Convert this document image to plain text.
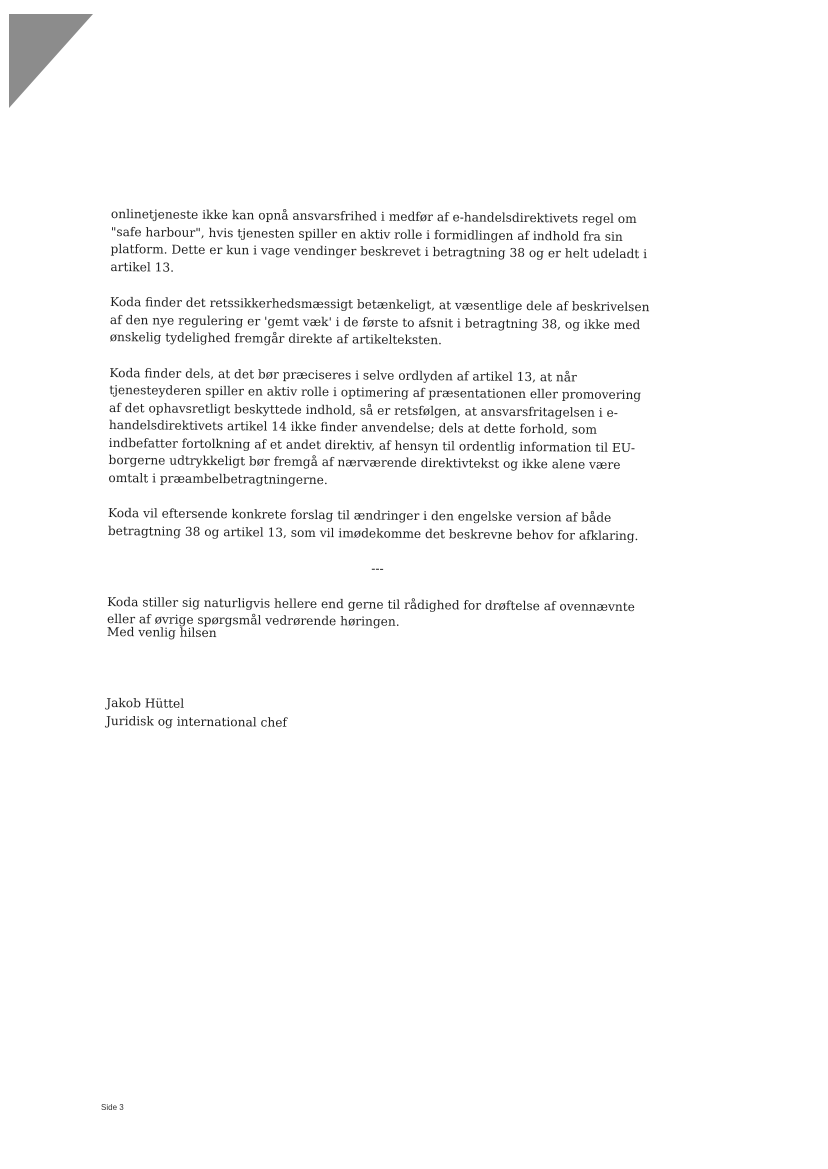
onlinetjeneste ikke kan opnå ansvarsfrihed i medfør af e-handelsdirektivets regel om "safe harbour", hvis tjenesten spiller en aktiv rolle i formidlingen af indhold fra sin platform. Dette er kun i vage vendinger beskrevet i betragtning 38 og er helt udeladt i artikel 13.

Koda finder det retssikkerhedsmæssigt betænkeligt, at væsentlige dele af beskrivelsen af den nye regulering er 'gemt væk' i de første to afsnit i betragtning 38, og ikke med ønskelig tydelighed fremgår direkte af artikelteksten.

Koda finder dels, at det bør præciseres i selve ordlyden af artikel 13, at når tjenesteyderen spiller en aktiv rolle i optimering af præsentationen eller promovering af det ophavsretligt beskyttede indhold, så er retsfølgen, at ansvarsfritagelsen i e-handelsdirektivets artikel 14 ikke finder anvendelse; dels at dette forhold, som indbefatter fortolkning af et andet direktiv, af hensyn til ordentlig information til EU-borgerne udtrykkeligt bør fremgå af nærværende direktivtekst og ikke alene være omtalt i præambelbetragtningerne.

Koda vil eftersende konkrete forslag til ændringer i den engelske version af både betragtning 38 og artikel 13, som vil imødekomme det beskrevne behov for afklaring.

---

Koda stiller sig naturligvis hellere end gerne til rådighed for drøftelse af ovennævnte eller af øvrige spørgsmål vedrørende høringen.

Med venlig hilsen

Jakob Hüttel
Juridisk og international chef
Side 3
